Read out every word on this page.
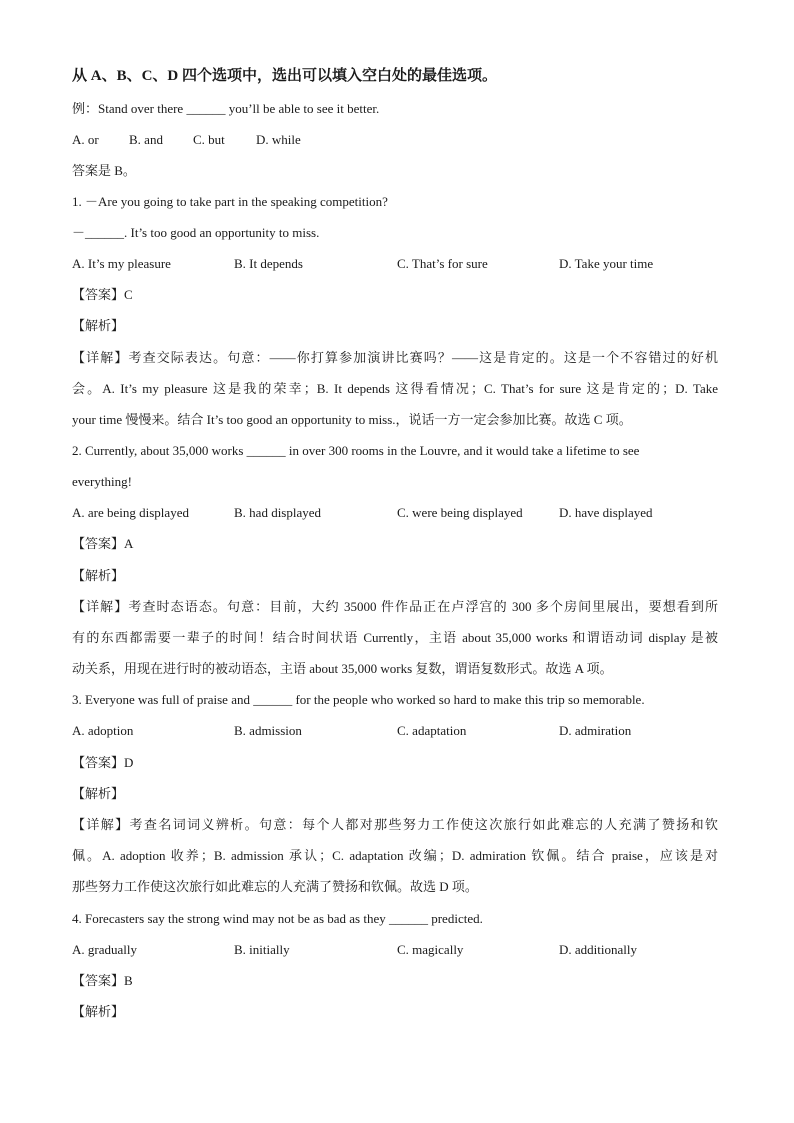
从 A、B、C、D 四个选项中，选出可以填入空白处的最佳选项。
例：Stand over there ______ you’ll be able to see it better.
A. or B. and C. but D. while
答案是 B。
1. －Are you going to take part in the speaking competition?
－______. It’s too good an opportunity to miss.
A. It’s my pleasure	B. It depends	C. That’s for sure	D. Take your time
【答案】C
【解析】
【详解】考查交际表达。句意：——你打算参加演讲比赛吗？——这是肯定的。这是一个不容错过的好机
会。A. It’s my pleasure 这是我的荣幸；B. It depends 这得看情况；C. That’s for sure 这是肯定的；D. Take
your time 慢慢来。结合 It’s too good an opportunity to miss.，说话一方一定会参加比赛。故选 C 项。
2. Currently, about 35,000 works ______ in over 300 rooms in the Louvre, and it would take a lifetime to see
everything!
A. are being displayed	B. had displayed	C. were being displayed	D. have displayed
【答案】A
【解析】
【详解】考查时态语态。句意：目前，大约 35000 件作品正在卢浮宫的 300 多个房间里展出，要想看到所
有的东西都需要一辈子的时间！结合时间状语 Currently，主语 about 35,000 works 和谓语动词 display 是被
动关系，用现在进行时的被动语态，主语 about 35,000 works 复数，谓语复数形式。故选 A 项。
3. Everyone was full of praise and ______ for the people who worked so hard to make this trip so memorable.
A. adoption	B. admission	C. adaptation	D. admiration
【答案】D
【解析】
【详解】考查名词词义辨析。句意：每个人都对那些努力工作使这次旅行如此难忘的人充满了赞扬和钦
佩。A. adoption 收养；B. admission 承认；C. adaptation 改编；D. admiration 钦佩。结合 praise，应该是对
那些努力工作使这次旅行如此难忘的人充满了赞扬和钦佩。故选 D 项。
4. Forecasters say the strong wind may not be as bad as they ______ predicted.
A. gradually	B. initially	C. magically	D. additionally
【答案】B
【解析】
